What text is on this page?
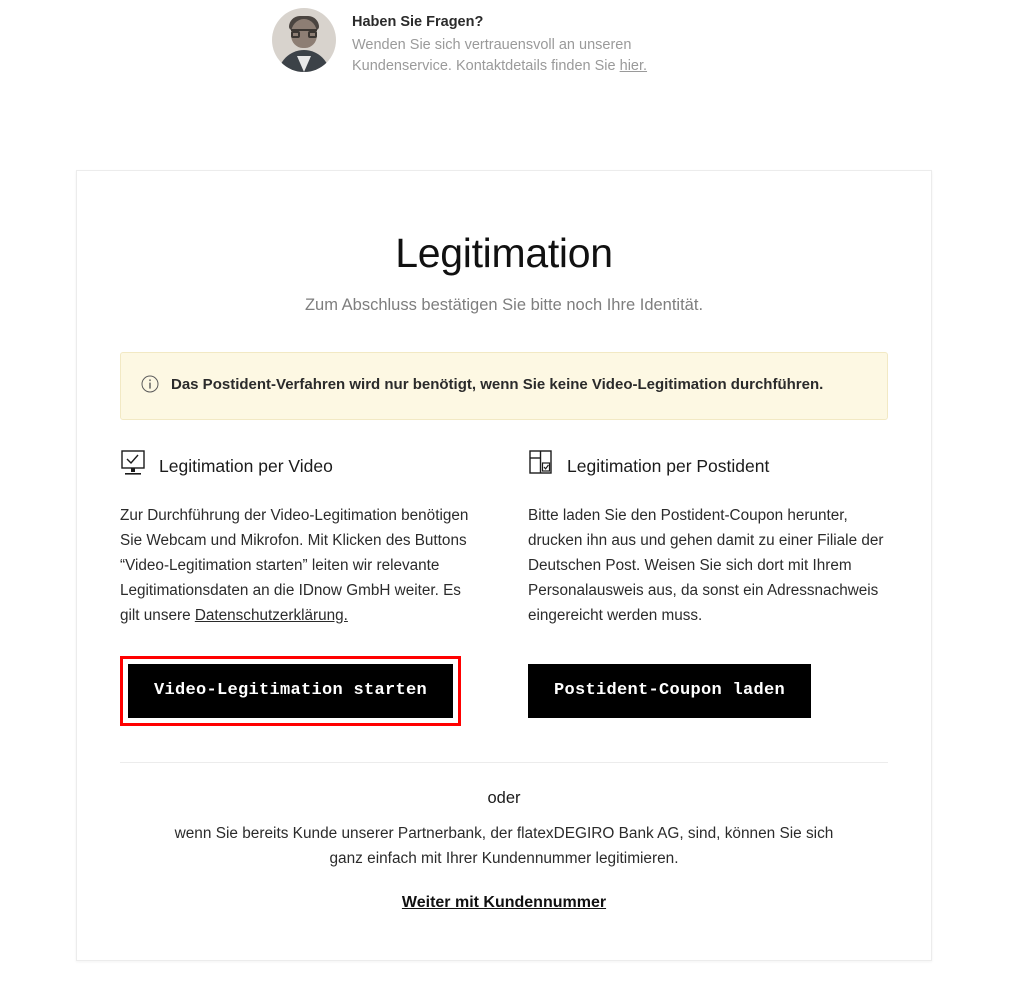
Haben Sie Fragen?
Wenden Sie sich vertrauensvoll an unseren Kundenservice. Kontaktdetails finden Sie hier.
Legitimation

Zum Abschluss bestätigen Sie bitte noch Ihre Identität.

Das Postident-Verfahren wird nur benötigt, wenn Sie keine Video-Legitimation durchführen.
Legitimation per Video
Zur Durchführung der Video-Legitimation benötigen Sie Webcam und Mikrofon. Mit Klicken des Buttons “Video-Legitimation starten” leiten wir relevante Legitimationsdaten an die IDnow GmbH weiter. Es gilt unsere Datenschutzerklärung.
Video-Legitimation starten
Legitimation per Postident
Bitte laden Sie den Postident-Coupon herunter, drucken ihn aus und gehen damit zu einer Filiale der Deutschen Post. Weisen Sie sich dort mit Ihrem Personalausweis aus, da sonst ein Adressnachweis eingereicht werden muss.
Postident-Coupon laden
oder
wenn Sie bereits Kunde unserer Partnerbank, der flatexDEGIRO Bank AG, sind, können Sie sich ganz einfach mit Ihrer Kundennummer legitimieren.
Weiter mit Kundennummer
